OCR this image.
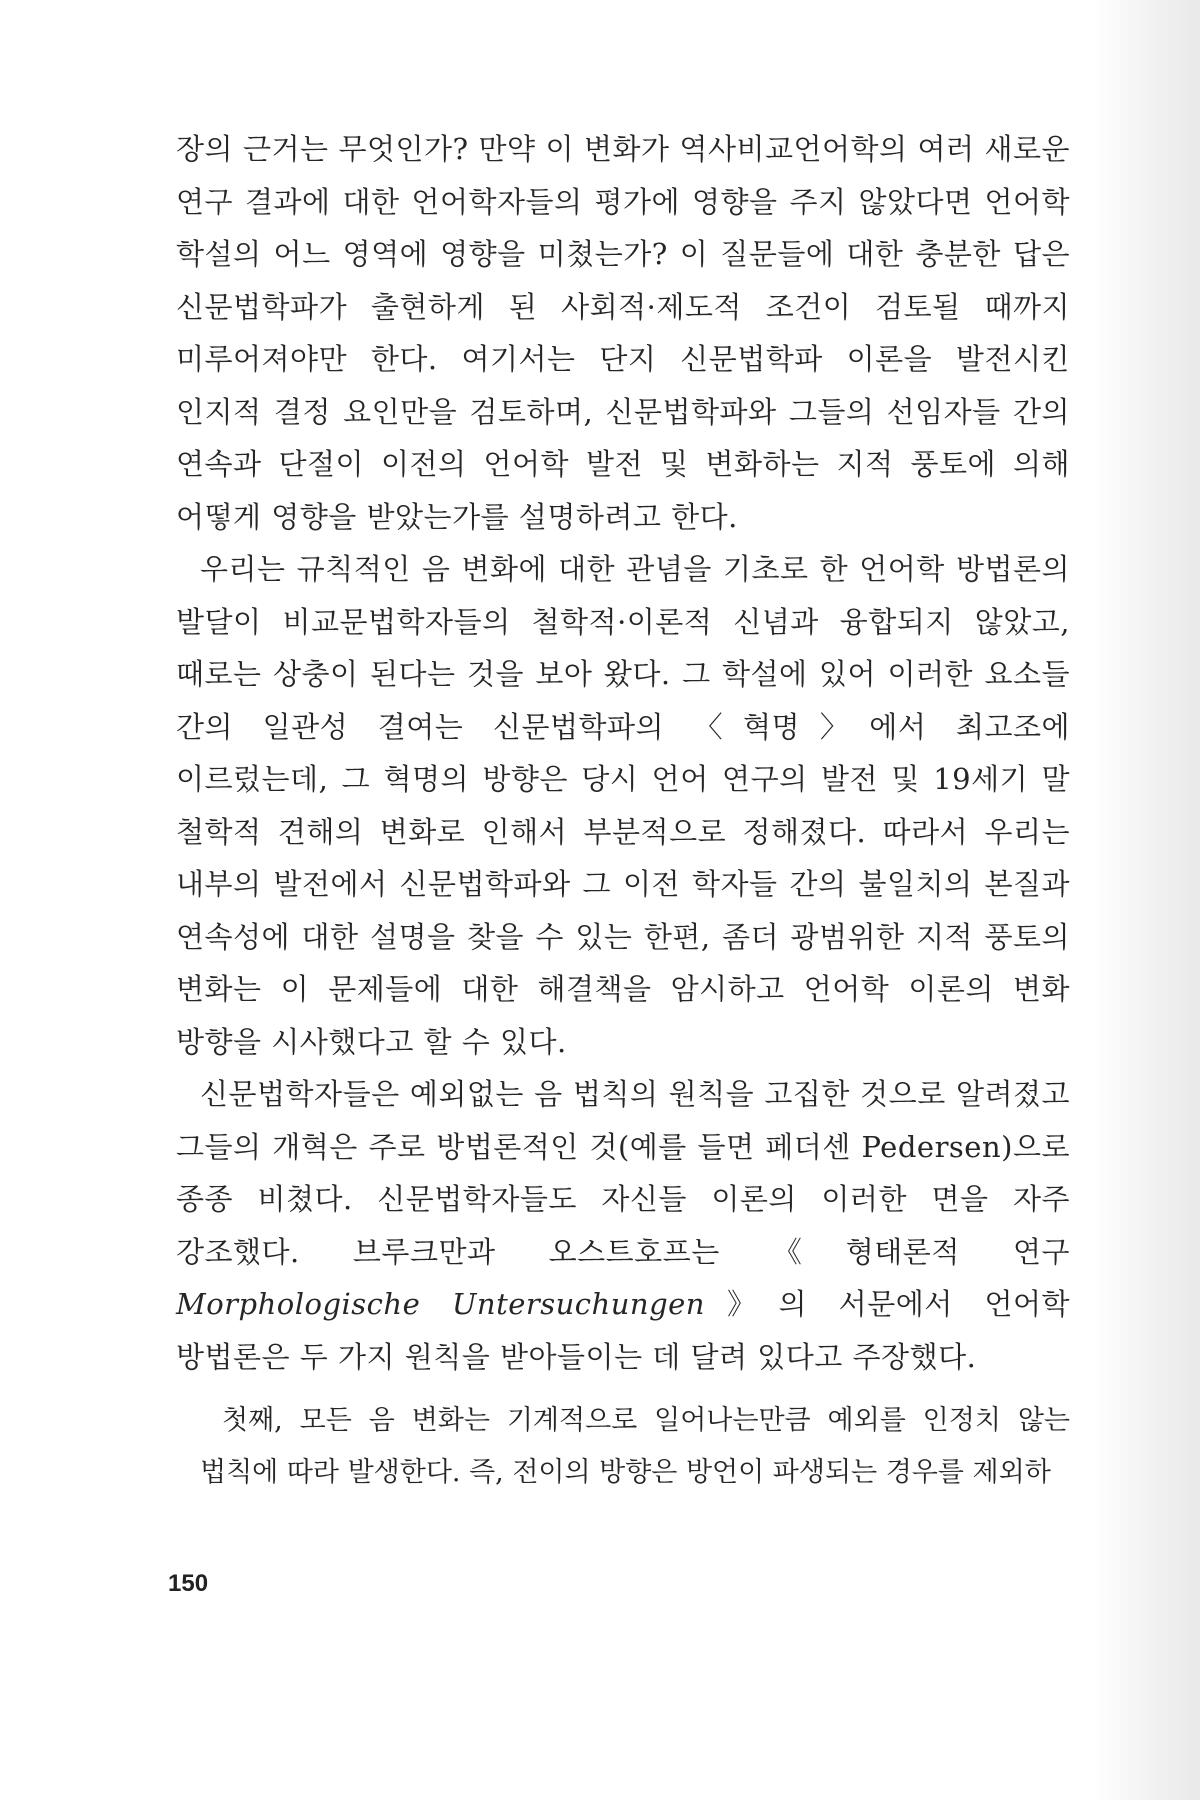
장의 근거는 무엇인가? 만약 이 변화가 역사비교언어학의 여러 새로운 연구 결과에 대한 언어학자들의 평가에 영향을 주지 않았다면 언어학 학설의 어느 영역에 영향을 미쳤는가? 이 질문들에 대한 충분한 답은 신문법학파가 출현하게 된 사회적·제도적 조건이 검토될 때까지 미루어져야만 한다. 여기서는 단지 신문법학파 이론을 발전시킨 인지적 결정 요인만을 검토하며, 신문법학파와 그들의 선임자들 간의 연속과 단절이 이전의 언어학 발전 및 변화하는 지적 풍토에 의해 어떻게 영향을 받았는가를 설명하려고 한다.

우리는 규칙적인 음 변화에 대한 관념을 기초로 한 언어학 방법론의 발달이 비교문법학자들의 철학적·이론적 신념과 융합되지 않았고, 때로는 상충이 된다는 것을 보아 왔다. 그 학설에 있어 이러한 요소들 간의 일관성 결여는 신문법학파의 〈혁명〉에서 최고조에 이르렀는데, 그 혁명의 방향은 당시 언어 연구의 발전 및 19세기 말 철학적 견해의 변화로 인해서 부분적으로 정해졌다. 따라서 우리는 내부의 발전에서 신문법학파와 그 이전 학자들 간의 불일치의 본질과 연속성에 대한 설명을 찾을 수 있는 한편, 좀더 광범위한 지적 풍토의 변화는 이 문제들에 대한 해결책을 암시하고 언어학 이론의 변화 방향을 시사했다고 할 수 있다.

신문법학자들은 예외없는 음 법칙의 원칙을 고집한 것으로 알려졌고 그들의 개혁은 주로 방법론적인 것(예를 들면 페더센 Pedersen)으로 종종 비쳤다. 신문법학자들도 자신들 이론의 이러한 면을 자주 강조했다. 브루크만과 오스트호프는 《형태론적 연구 Morphologische Untersuchungen》의 서문에서 언어학 방법론은 두 가지 원칙을 받아들이는 데 달려 있다고 주장했다.

첫째, 모든 음 변화는 기계적으로 일어나는만큼 예외를 인정치 않는 법칙에 따라 발생한다. 즉, 전이의 방향은 방언이 파생되는 경우를 제외하

150
